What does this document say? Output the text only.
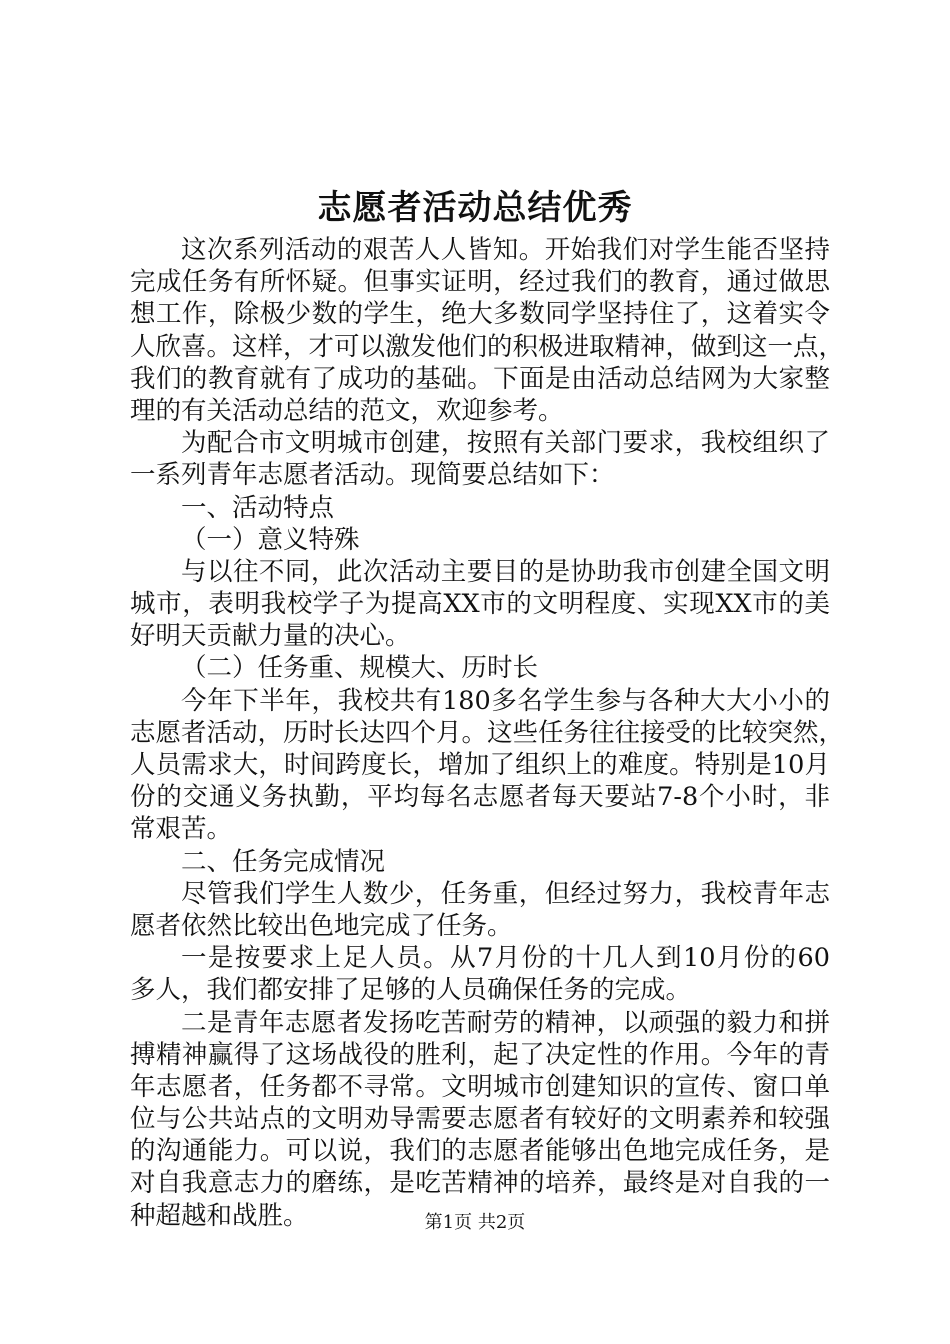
志愿者活动总结优秀
这次系列活动的艰苦人人皆知。开始我们对学生能否坚持
完成任务有所怀疑。但事实证明，经过我们的教育，通过做思
想工作，除极少数的学生，绝大多数同学坚持住了，这着实令
人欣喜。这样，才可以激发他们的积极进取精神，做到这一点，
我们的教育就有了成功的基础。下面是由活动总结网为大家整
理的有关活动总结的范文，欢迎参考。
为配合市文明城市创建，按照有关部门要求，我校组织了
一系列青年志愿者活动。现简要总结如下：
一、活动特点
（一）意义特殊
与以往不同，此次活动主要目的是协助我市创建全国文明
城市，表明我校学子为提高XX市的文明程度、实现XX市的美
好明天贡献力量的决心。
（二）任务重、规模大、历时长
今年下半年，我校共有180多名学生参与各种大大小小的
志愿者活动，历时长达四个月。这些任务往往接受的比较突然，
人员需求大，时间跨度长，增加了组织上的难度。特别是10月
份的交通义务执勤，平均每名志愿者每天要站7-8个小时，非
常艰苦。
二、任务完成情况
尽管我们学生人数少，任务重，但经过努力，我校青年志
愿者依然比较出色地完成了任务。
一是按要求上足人员。从7月份的十几人到10月份的60
多人，我们都安排了足够的人员确保任务的完成。
二是青年志愿者发扬吃苦耐劳的精神，以顽强的毅力和拼
搏精神赢得了这场战役的胜利，起了决定性的作用。今年的青
年志愿者，任务都不寻常。文明城市创建知识的宣传、窗口单
位与公共站点的文明劝导需要志愿者有较好的文明素养和较强
的沟通能力。可以说，我们的志愿者能够出色地完成任务，是
对自我意志力的磨练，是吃苦精神的培养，最终是对自我的一
种超越和战胜。	第1页 共2页
